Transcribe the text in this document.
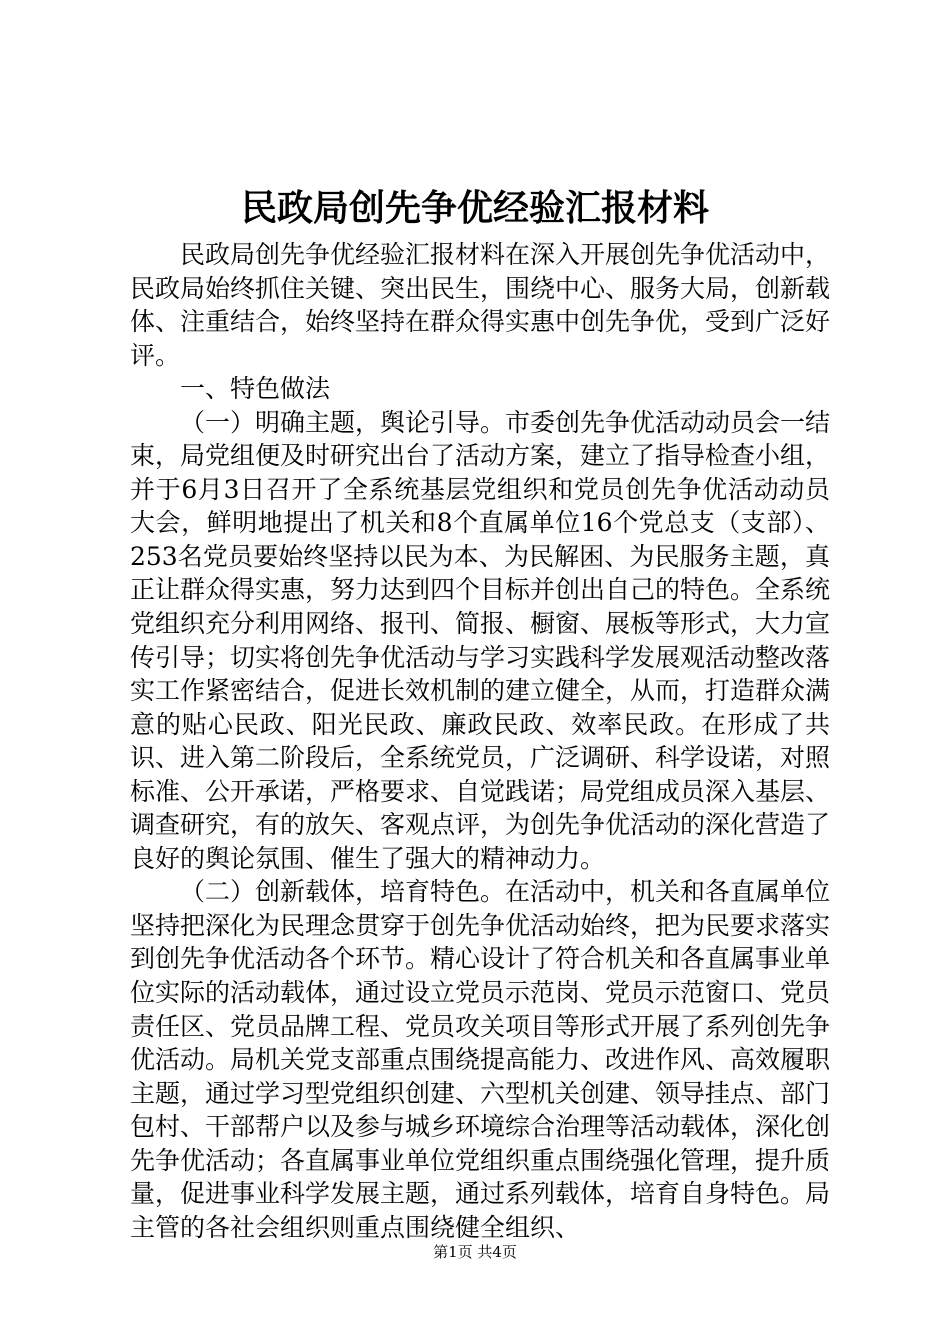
民政局创先争优经验汇报材料

民政局创先争优经验汇报材料在深入开展创先争优活动中，民政局始终抓住关键、突出民生，围绕中心、服务大局，创新载体、注重结合，始终坚持在群众得实惠中创先争优，受到广泛好评。

一、特色做法

（一）明确主题，舆论引导。市委创先争优活动动员会一结束，局党组便及时研究出台了活动方案，建立了指导检查小组，并于6月3日召开了全系统基层党组织和党员创先争优活动动员大会，鲜明地提出了机关和8个直属单位16个党总支（支部）、253名党员要始终坚持以民为本、为民解困、为民服务主题，真正让群众得实惠，努力达到四个目标并创出自己的特色。全系统党组织充分利用网络、报刊、简报、橱窗、展板等形式，大力宣传引导；切实将创先争优活动与学习实践科学发展观活动整改落实工作紧密结合，促进长效机制的建立健全，从而，打造群众满意的贴心民政、阳光民政、廉政民政、效率民政。在形成了共识、进入第二阶段后，全系统党员，广泛调研、科学设诺，对照标准、公开承诺，严格要求、自觉践诺；局党组成员深入基层、调查研究，有的放矢、客观点评，为创先争优活动的深化营造了良好的舆论氛围、催生了强大的精神动力。

（二）创新载体，培育特色。在活动中，机关和各直属单位坚持把深化为民理念贯穿于创先争优活动始终，把为民要求落实到创先争优活动各个环节。精心设计了符合机关和各直属事业单位实际的活动载体，通过设立党员示范岗、党员示范窗口、党员责任区、党员品牌工程、党员攻关项目等形式开展了系列创先争优活动。局机关党支部重点围绕提高能力、改进作风、高效履职主题，通过学习型党组织创建、六型机关创建、领导挂点、部门包村、干部帮户以及参与城乡环境综合治理等活动载体，深化创先争优活动；各直属事业单位党组织重点围绕强化管理，提升质量，促进事业科学发展主题，通过系列载体，培育自身特色。局主管的各社会组织则重点围绕健全组织、

第1页 共4页
